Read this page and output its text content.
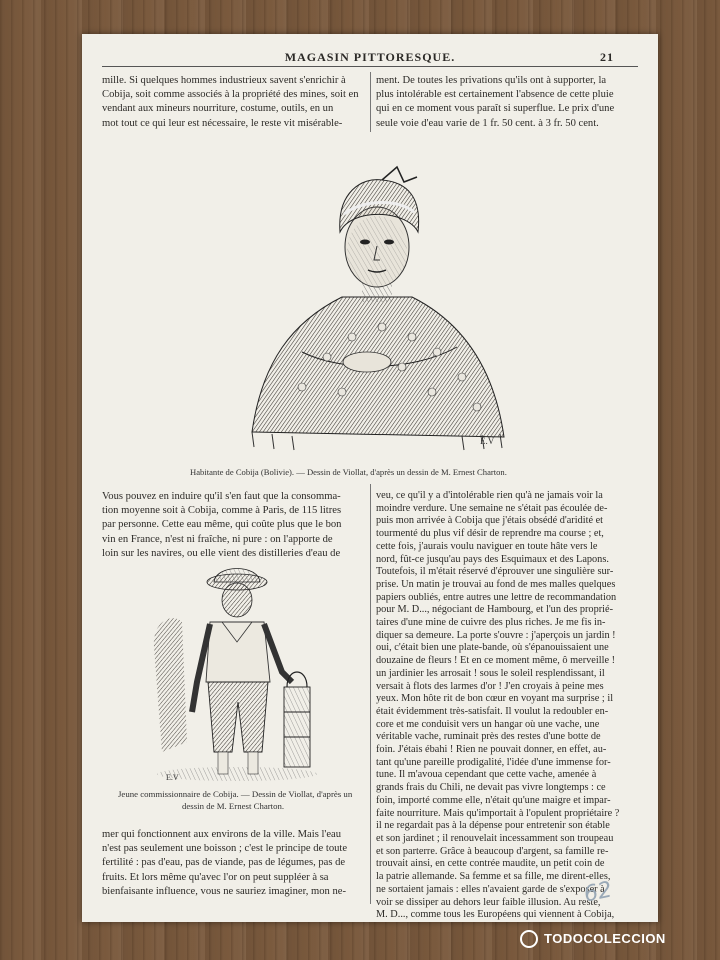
MAGASIN PITTORESQUE.	21
mille. Si quelques hommes industrieux savent s'enrichir à
Cobija, soit comme associés à la propriété des mines, soit en
vendant aux mineurs nourriture, costume, outils, en un
mot tout ce qui leur est nécessaire, le reste vit misérable-
ment. De toutes les privations qu'ils ont à supporter, la
plus intolérable est certainement l'absence de cette pluie
qui en ce moment vous paraît si superflue. Le prix d'une
seule voie d'eau varie de 1 fr. 50 cent. à 3 fr. 50 cent.
E.V
Habitante de Cobija (Bolivie). — Dessin de Viollat, d'après un dessin de M. Ernest Charton.
Vous pouvez en induire qu'il s'en faut que la consomma-
tion moyenne soit à Cobija, comme à Paris, de 115 litres
par personne. Cette eau même, qui coûte plus que le bon
vin en France, n'est ni fraîche, ni pure : on l'apporte de
loin sur les navires, ou elle vient des distilleries d'eau de
E.V
Jeune commissionnaire de Cobija. — Dessin de Viollat, d'après un
dessin de M. Ernest Charton.
mer qui fonctionnent aux environs de la ville. Mais l'eau
n'est pas seulement une boisson ; c'est le principe de toute
fertilité : pas d'eau, pas de viande, pas de légumes, pas de
fruits. Et lors même qu'avec l'or on peut suppléer à sa
bienfaisante influence, vous ne sauriez imaginer, mon ne-
veu, ce qu'il y a d'intolérable rien qu'à ne jamais voir la
moindre verdure. Une semaine ne s'était pas écoulée de-
puis mon arrivée à Cobija que j'étais obsédé d'aridité et
tourmenté du plus vif désir de reprendre ma course ; et,
cette fois, j'aurais voulu naviguer en toute hâte vers le
nord, fût-ce jusqu'au pays des Esquimaux et des Lapons.
Toutefois, il m'était réservé d'éprouver une singulière sur-
prise. Un matin je trouvai au fond de mes malles quelques
papiers oubliés, entre autres une lettre de recommandation
pour M. D..., négociant de Hambourg, et l'un des proprié-
taires d'une mine de cuivre des plus riches. Je me fis in-
diquer sa demeure. La porte s'ouvre : j'aperçois un jardin !
oui, c'était bien une plate-bande, où s'épanouissaient une
douzaine de fleurs ! Et en ce moment même, ô merveille !
un jardinier les arrosait ! sous le soleil resplendissant, il
versait à flots des larmes d'or ! J'en croyais à peine mes
yeux. Mon hôte rit de bon cœur en voyant ma surprise ; il
était évidemment très-satisfait. Il voulut la redoubler en-
core et me conduisit vers un hangar où une vache, une
véritable vache, ruminait près des restes d'une botte de
foin. J'étais ébahi ! Rien ne pouvait donner, en effet, au-
tant qu'une pareille prodigalité, l'idée d'une immense for-
tune. Il m'avoua cependant que cette vache, amenée à
grands frais du Chili, ne devait pas vivre longtemps : ce
foin, importé comme elle, n'était qu'une maigre et impar-
faite nourriture. Mais qu'importait à l'opulent propriétaire ?
il ne regardait pas à la dépense pour entretenir son étable
et son jardinet ; il renouvelait incessamment son troupeau
et son parterre. Grâce à beaucoup d'argent, sa famille re-
trouvait ainsi, en cette contrée maudite, un petit coin de
la patrie allemande. Sa femme et sa fille, me dirent-elles,
ne sortaient jamais : elles n'avaient garde de s'exposer à
voir se dissiper au dehors leur faible illusion. Au reste,
M. D..., comme tous les Européens qui viennent à Cobija,
62
TODOCOLECCION
